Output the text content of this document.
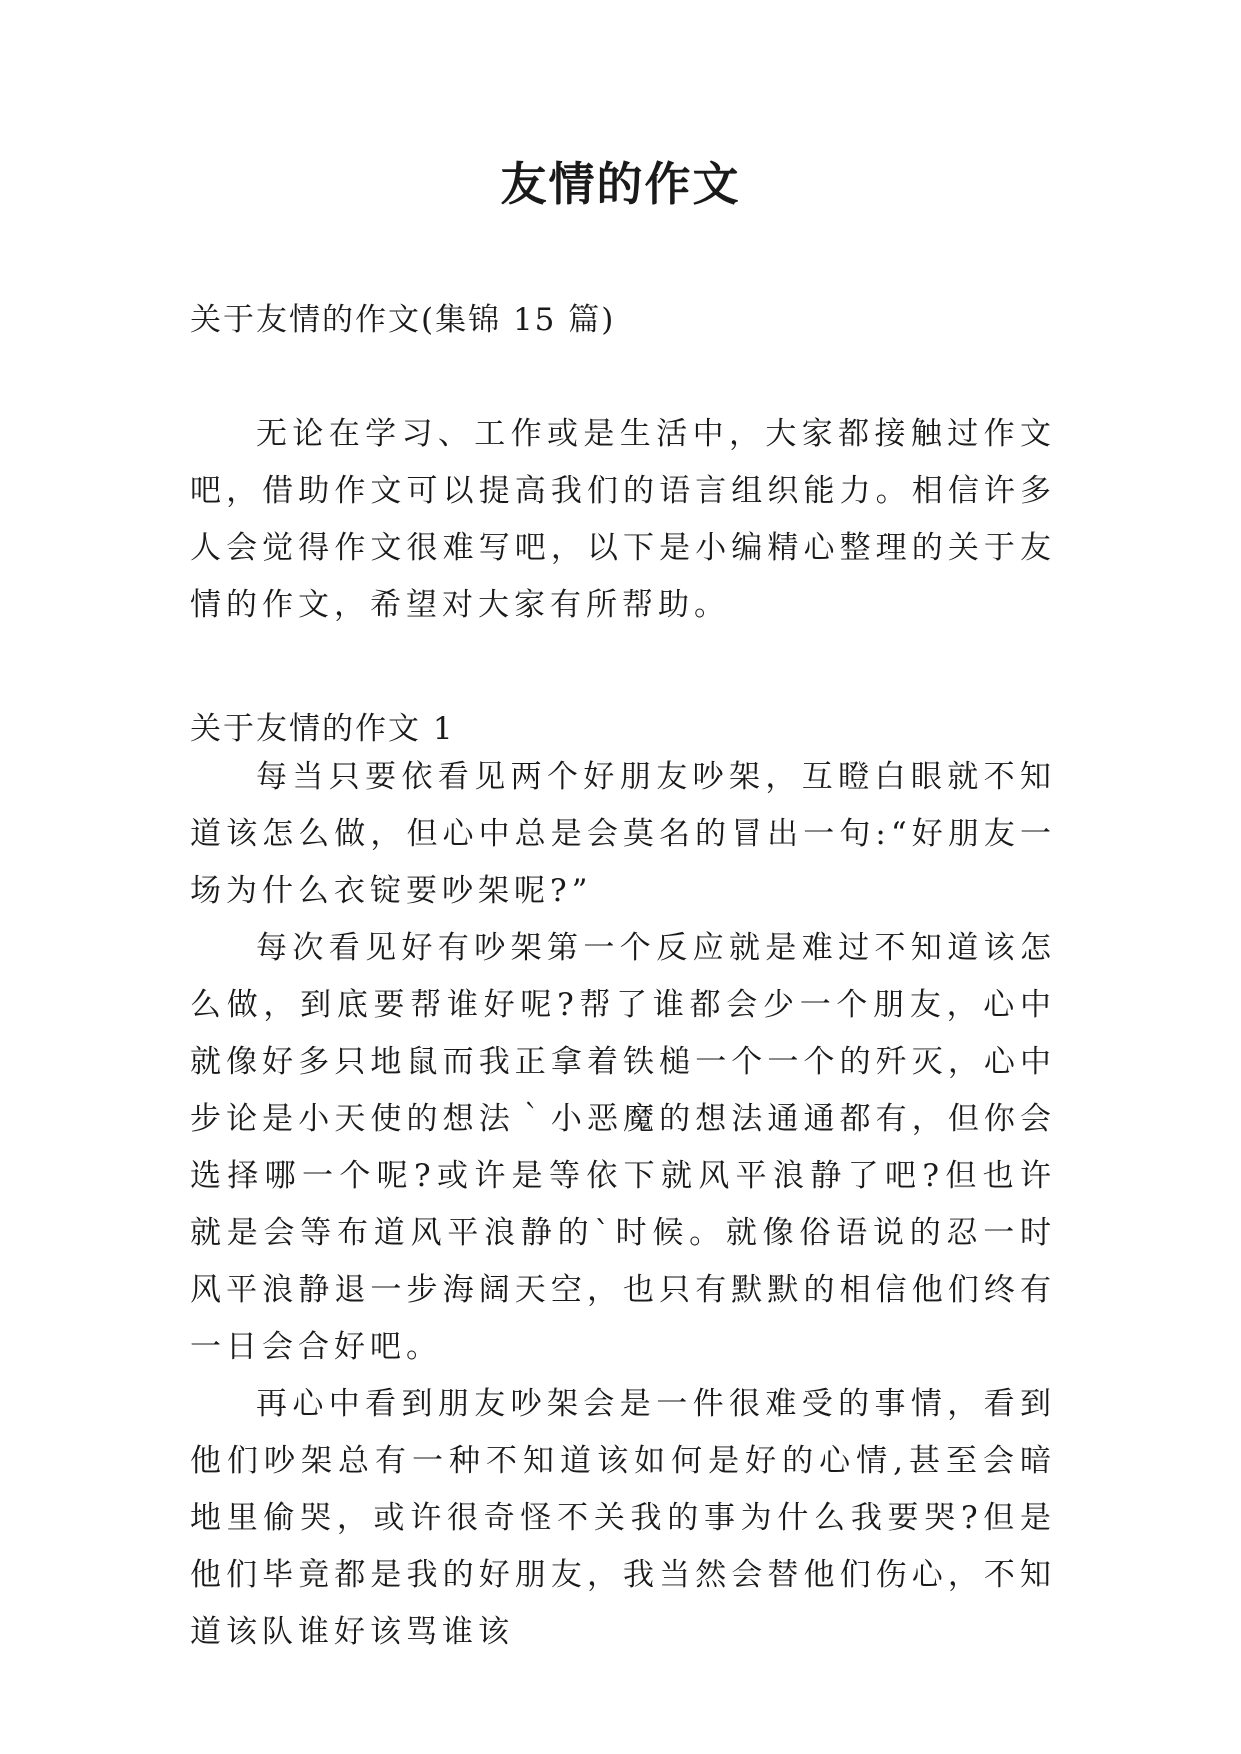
友情的作文
关于友情的作文(集锦 15 篇)
无论在学习、工作或是生活中，大家都接触过作文吧，借助作文可以提高我们的语言组织能力。相信许多人会觉得作文很难写吧，以下是小编精心整理的关于友情的作文，希望对大家有所帮助。
关于友情的作文 1

每当只要依看见两个好朋友吵架，互瞪白眼就不知道该怎么做，但心中总是会莫名的冒出一句:“好朋友一场为什么衣锭要吵架呢?”

每次看见好有吵架第一个反应就是难过不知道该怎么做，到底要帮谁好呢?帮了谁都会少一个朋友，心中就像好多只地鼠而我正拿着铁槌一个一个的歼灭，心中步论是小天使的想法｀小恶魔的想法通通都有，但你会选择哪一个呢?或许是等依下就风平浪静了吧?但也许就是会等布道风平浪静的`时候。就像俗语说的忍一时风平浪静退一步海阔天空，也只有默默的相信他们终有一日会合好吧。

再心中看到朋友吵架会是一件很难受的事情，看到他们吵架总有一种不知道该如何是好的心情,甚至会暗地里偷哭，或许很奇怪不关我的事为什么我要哭?但是他们毕竟都是我的好朋友，我当然会替他们伤心，不知道该队谁好该骂谁该
